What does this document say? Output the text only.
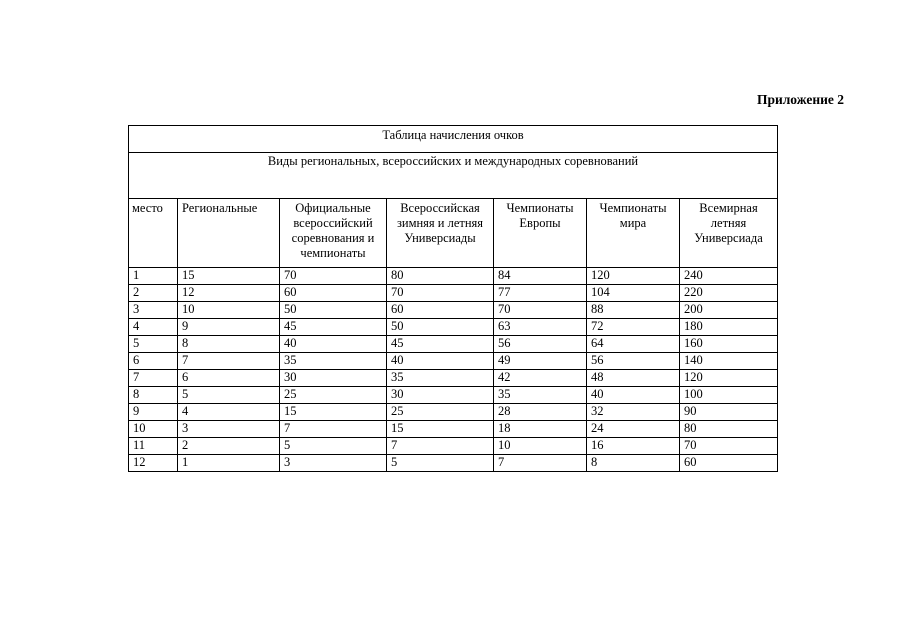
Приложение 2
Таблица начисления очков						
Виды региональных, всероссийских и международных соревнований						
место	Региональные	Официальные всероссийский соревнования и чемпионаты	Всероссийская зимняя и летняя Универсиады	Чемпионаты Европы	Чемпионаты мира	Всемирная летняя Универсиада
1	15	70	80	84	120	240
2	12	60	70	77	104	220
3	10	50	60	70	88	200
4	9	45	50	63	72	180
5	8	40	45	56	64	160
6	7	35	40	49	56	140
7	6	30	35	42	48	120
8	5	25	30	35	40	100
9	4	15	25	28	32	90
10	3	7	15	18	24	80
11	2	5	7	10	16	70
12	1	3	5	7	8	60
